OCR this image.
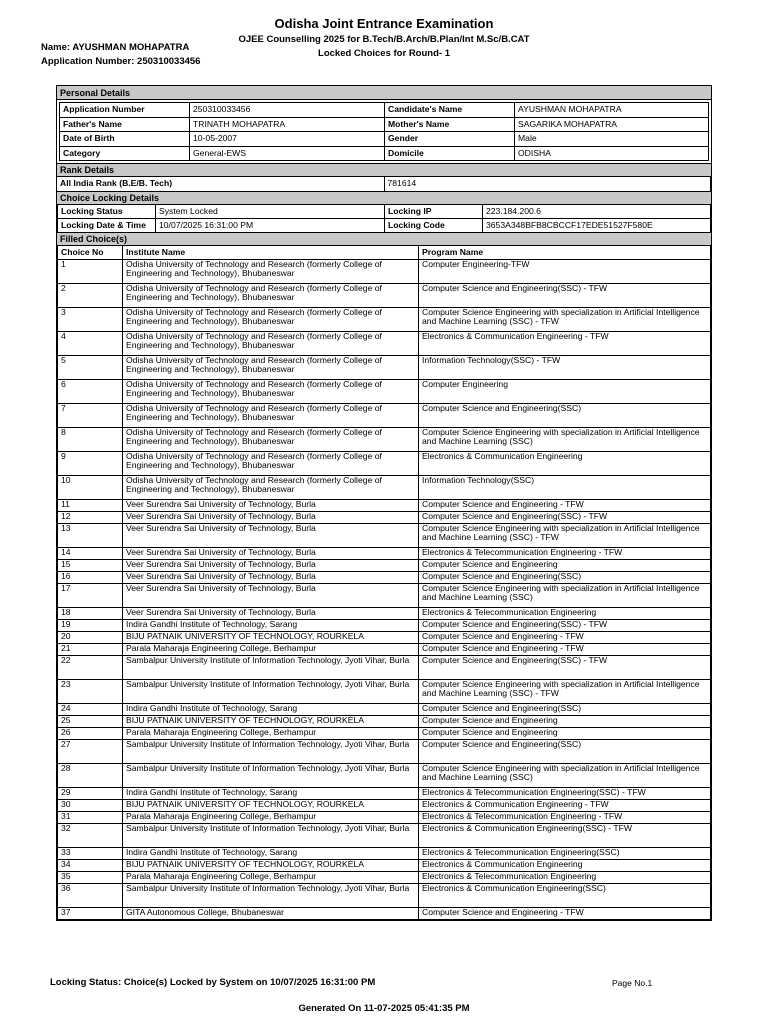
Odisha Joint Entrance Examination
OJEE Counselling 2025 for B.Tech/B.Arch/B.Plan/Int M.Sc/B.CAT
Locked Choices for Round- 1
Name: AYUSHMAN MOHAPATRA
Application Number: 250310033456
Personal Details
Application Number	250310033456	Candidate's Name	AYUSHMAN MOHAPATRA
Father's Name	TRINATH MOHAPATRA	Mother's Name	SAGARIKA MOHAPATRA
Date of Birth	10-05-2007	Gender	Male
Category	General-EWS	Domicile	ODISHA
Rank Details
All India Rank (B.E/B. Tech)	781614
Choice Locking Details
Locking Status	System Locked	Locking IP	223.184.200.6
Locking Date & Time	10/07/2025 16:31:00 PM	Locking Code	3653A348BFB8CBCCF17EDE51527F580E
Filled Choice(s)
Choice No	Institute Name	Program Name
1	Odisha University of Technology and Research (formerly College of Engineering and Technology), Bhubaneswar	Computer Engineering-TFW
2	Odisha University of Technology and Research (formerly College of Engineering and Technology), Bhubaneswar	Computer Science and Engineering(SSC) - TFW
3	Odisha University of Technology and Research (formerly College of Engineering and Technology), Bhubaneswar	Computer Science Engineering with specialization in Artificial Intelligence and Machine Learning (SSC) - TFW
4	Odisha University of Technology and Research (formerly College of Engineering and Technology), Bhubaneswar	Electronics & Communication Engineering - TFW
5	Odisha University of Technology and Research (formerly College of Engineering and Technology), Bhubaneswar	Information Technology(SSC) - TFW
6	Odisha University of Technology and Research (formerly College of Engineering and Technology), Bhubaneswar	Computer Engineering
7	Odisha University of Technology and Research (formerly College of Engineering and Technology), Bhubaneswar	Computer Science and Engineering(SSC)
8	Odisha University of Technology and Research (formerly College of Engineering and Technology), Bhubaneswar	Computer Science Engineering with specialization in Artificial Intelligence and Machine Learning (SSC)
9	Odisha University of Technology and Research (formerly College of Engineering and Technology), Bhubaneswar	Electronics & Communication Engineering
10	Odisha University of Technology and Research (formerly College of Engineering and Technology), Bhubaneswar	Information Technology(SSC)
11	Veer Surendra Sai University of Technology, Burla	Computer Science and Engineering - TFW
12	Veer Surendra Sai University of Technology, Burla	Computer Science and Engineering(SSC) - TFW
13	Veer Surendra Sai University of Technology, Burla	Computer Science Engineering with specialization in Artificial Intelligence and Machine Learning (SSC) - TFW
14	Veer Surendra Sai University of Technology, Burla	Electronics & Telecommunication Engineering - TFW
15	Veer Surendra Sai University of Technology, Burla	Computer Science and Engineering
16	Veer Surendra Sai University of Technology, Burla	Computer Science and Engineering(SSC)
17	Veer Surendra Sai University of Technology, Burla	Computer Science Engineering with specialization in Artificial Intelligence and Machine Learning (SSC)
18	Veer Surendra Sai University of Technology, Burla	Electronics & Telecommunication Engineering
19	Indira Gandhi Institute of Technology, Sarang	Computer Science and Engineering(SSC) - TFW
20	BIJU PATNAIK UNIVERSITY OF TECHNOLOGY, ROURKELA	Computer Science and Engineering - TFW
21	Parala Maharaja Engineering College, Berhampur	Computer Science and Engineering - TFW
22	Sambalpur University Institute of Information Technology, Jyoti Vihar, Burla	Computer Science and Engineering(SSC) - TFW
23	Sambalpur University Institute of Information Technology, Jyoti Vihar, Burla	Computer Science Engineering with specialization in Artificial Intelligence and Machine Learning (SSC) - TFW
24	Indira Gandhi Institute of Technology, Sarang	Computer Science and Engineering(SSC)
25	BIJU PATNAIK UNIVERSITY OF TECHNOLOGY, ROURKELA	Computer Science and Engineering
26	Parala Maharaja Engineering College, Berhampur	Computer Science and Engineering
27	Sambalpur University Institute of Information Technology, Jyoti Vihar, Burla	Computer Science and Engineering(SSC)
28	Sambalpur University Institute of Information Technology, Jyoti Vihar, Burla	Computer Science Engineering with specialization in Artificial Intelligence and Machine Learning (SSC)
29	Indira Gandhi Institute of Technology, Sarang	Electronics & Telecommunication Engineering(SSC) - TFW
30	BIJU PATNAIK UNIVERSITY OF TECHNOLOGY, ROURKELA	Electronics & Communication Engineering - TFW
31	Parala Maharaja Engineering College, Berhampur	Electronics & Telecommunication Engineering - TFW
32	Sambalpur University Institute of Information Technology, Jyoti Vihar, Burla	Electronics & Communication Engineering(SSC) - TFW
33	Indira Gandhi Institute of Technology, Sarang	Electronics & Telecommunication Engineering(SSC)
34	BIJU PATNAIK UNIVERSITY OF TECHNOLOGY, ROURKELA	Electronics & Communication Engineering
35	Parala Maharaja Engineering College, Berhampur	Electronics & Telecommunication Engineering
36	Sambalpur University Institute of Information Technology, Jyoti Vihar, Burla	Electronics & Communication Engineering(SSC)
37	GITA Autonomous College, Bhubaneswar	Computer Science and Engineering - TFW
Locking Status: Choice(s) Locked by System on 10/07/2025 16:31:00 PM	Page No.1
Generated On 11-07-2025 05:41:35 PM
